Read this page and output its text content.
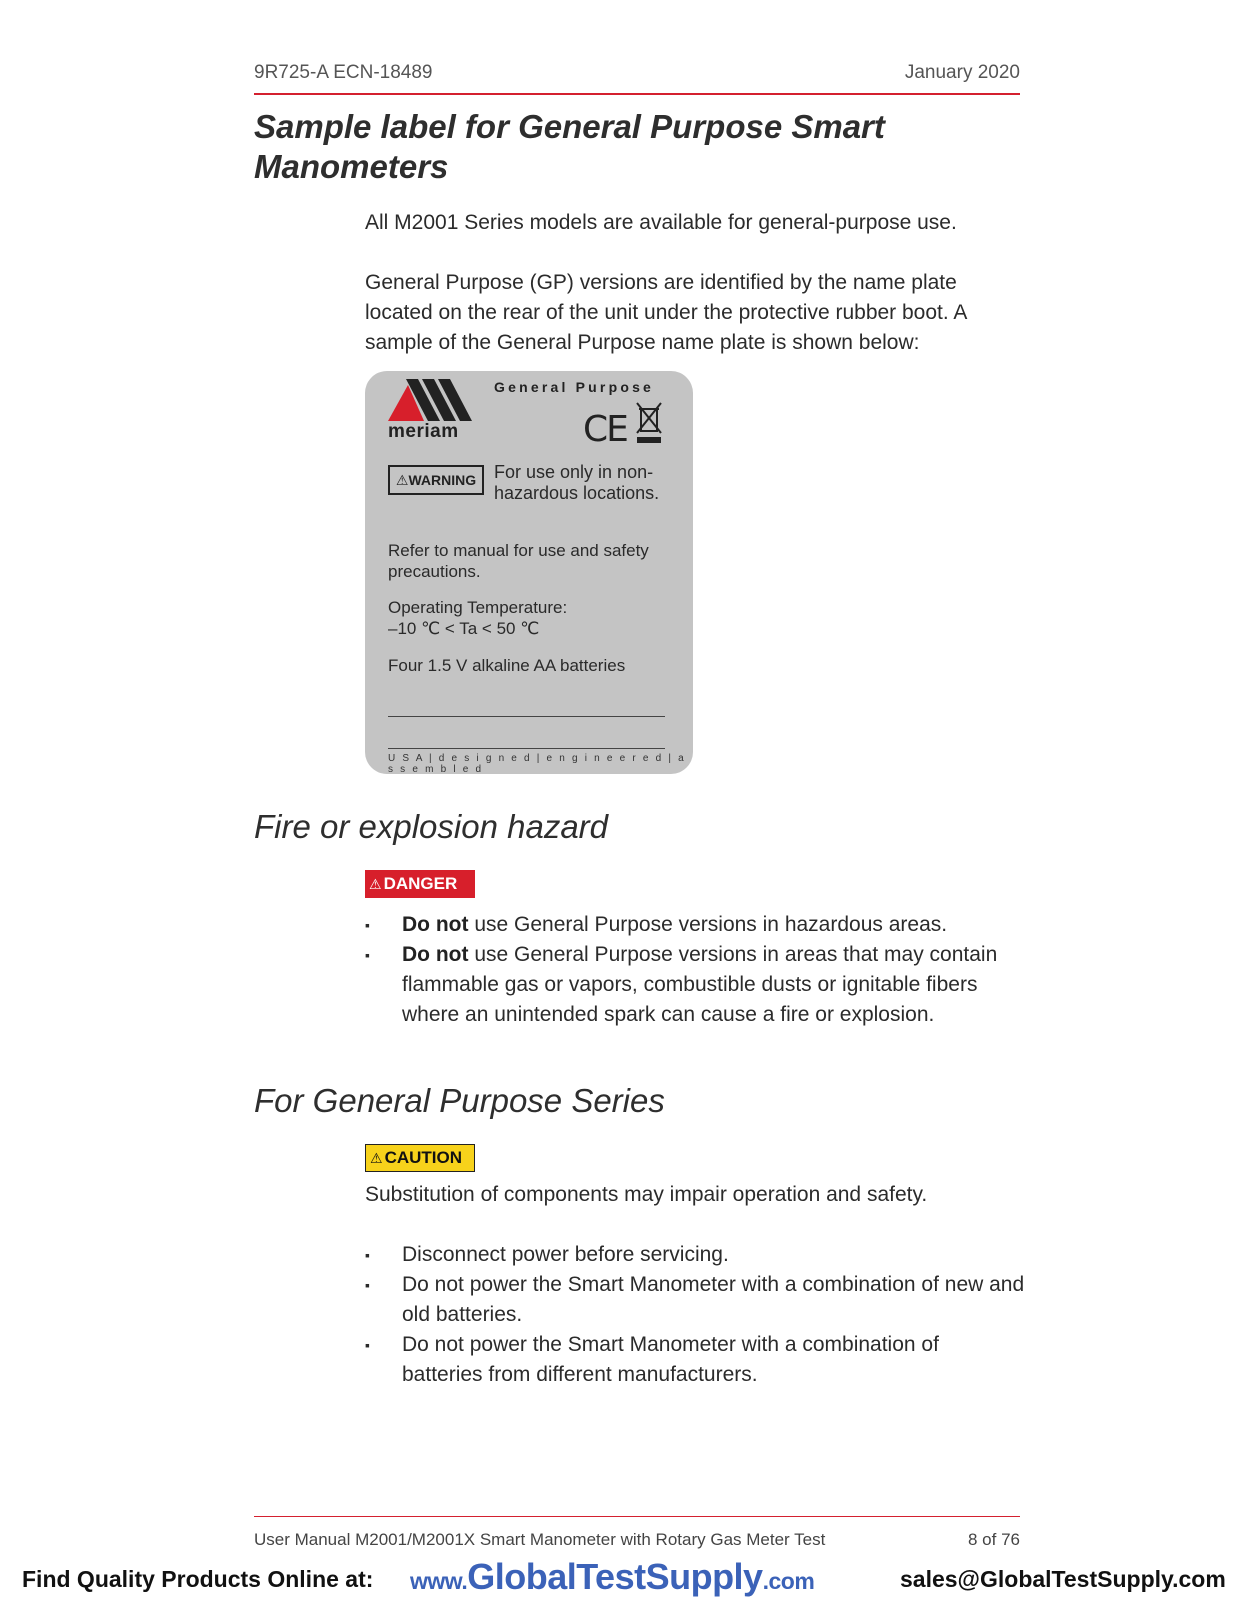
9R725-A ECN-18489	January 2020
Sample label for General Purpose Smart Manometers
All M2001 Series models are available for general-purpose use.
General Purpose (GP) versions are identified by the name plate located on the rear of the unit under the protective rubber boot. A sample of the General Purpose name plate is shown below:
General Purpose
meriam	CE
⚠WARNING For use only in non-hazardous locations.
Refer to manual for use and safety precautions.
Operating Temperature:
–10 ℃ < Ta < 50 ℃
Four 1.5 V alkaline AA batteries
U S A | d e s i g n e d | e n g i n e e r e d | a s s e m b l e d
Fire or explosion hazard
⚠ DANGER
▪	Do not use General Purpose versions in hazardous areas.
▪	Do not use General Purpose versions in areas that may contain flammable gas or vapors, combustible dusts or ignitable fibers where an unintended spark can cause a fire or explosion.
For General Purpose Series
⚠ CAUTION
Substitution of components may impair operation and safety.
▪	Disconnect power before servicing.
▪	Do not power the Smart Manometer with a combination of new and old batteries.
▪	Do not power the Smart Manometer with a combination of batteries from different manufacturers.
User Manual M2001/M2001X Smart Manometer with Rotary Gas Meter Test	8 of 76
Find Quality Products Online at: www.GlobalTestSupply.com	sales@GlobalTestSupply.com
